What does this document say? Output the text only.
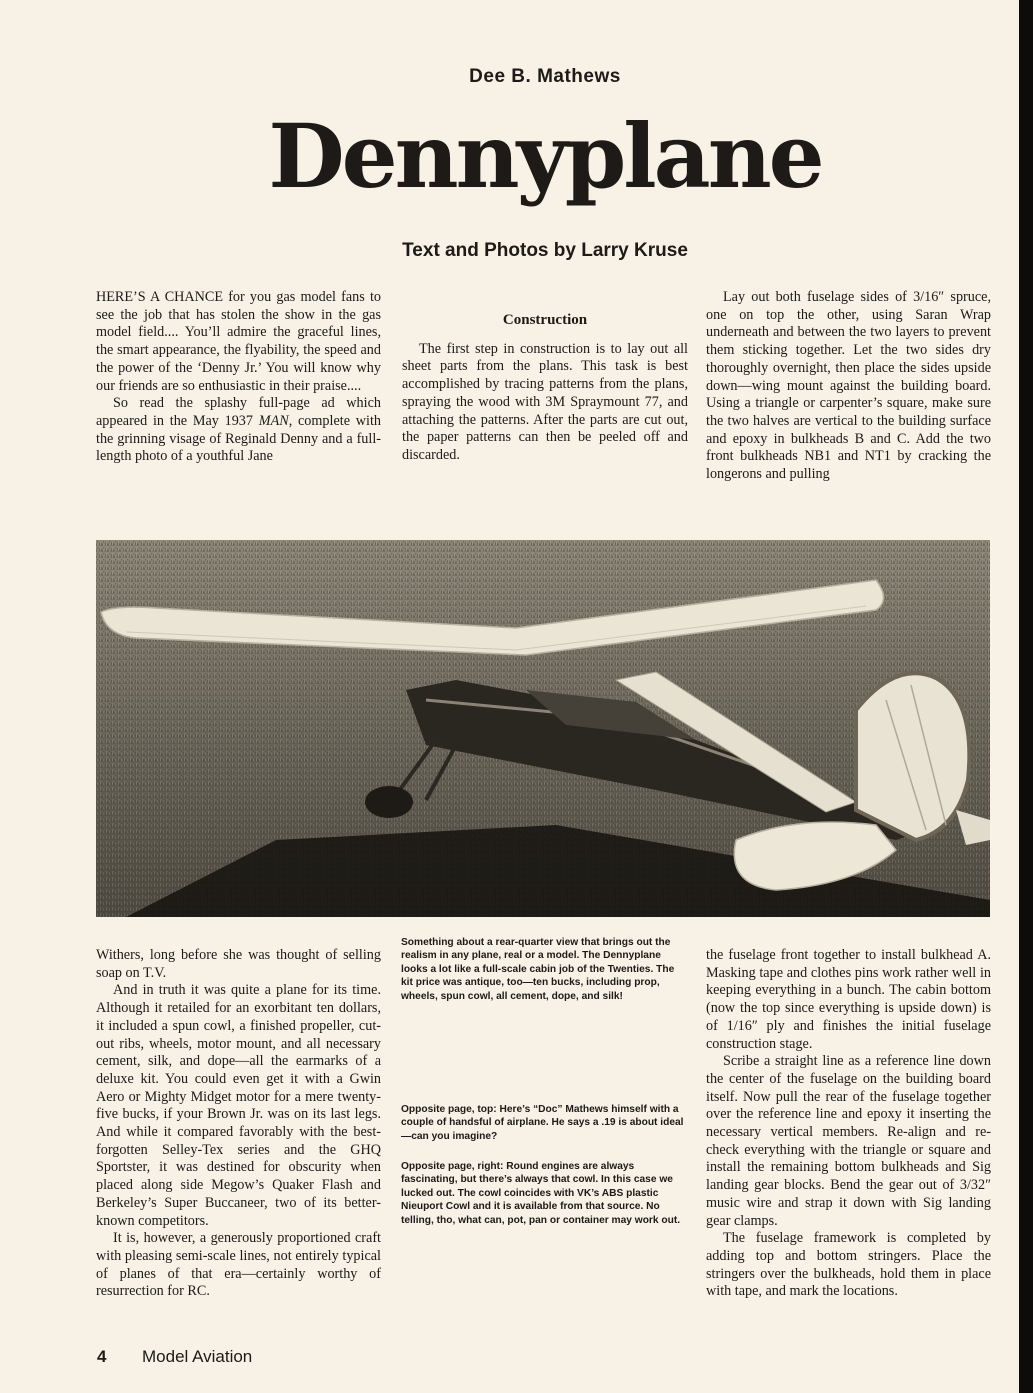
Dee B. Mathews
Dennyplane
Text and Photos by Larry Kruse

HERE’S A CHANCE for you gas model fans to see the job that has stolen the show in the gas model field.... You’ll admire the graceful lines, the smart appearance, the flyability, the speed and the power of the ‘Denny Jr.’ You will know why our friends are so enthusiastic in their praise....

So read the splashy full-page ad which appeared in the May 1937 MAN, complete with the grinning visage of Reginald Denny and a full-length photo of a youthful Jane

Construction

The first step in construction is to lay out all sheet parts from the plans. This task is best accomplished by tracing patterns from the plans, spraying the wood with 3M Spraymount 77, and attaching the patterns. After the parts are cut out, the paper patterns can then be peeled off and discarded.

Lay out both fuselage sides of 3/16″ spruce, one on top the other, using Saran Wrap underneath and between the two layers to prevent them sticking together. Let the two sides dry thoroughly overnight, then place the sides upside down—wing mount against the building board. Using a triangle or carpenter’s square, make sure the two halves are vertical to the building surface and epoxy in bulkheads B and C. Add the two front bulkheads NB1 and NT1 by cracking the longerons and pulling

Withers, long before she was thought of selling soap on T.V.

And in truth it was quite a plane for its time. Although it retailed for an exorbitant ten dollars, it included a spun cowl, a finished propeller, cut-out ribs, wheels, motor mount, and all necessary cement, silk, and dope—all the earmarks of a deluxe kit. You could even get it with a Gwin Aero or Mighty Midget motor for a mere twenty-five bucks, if your Brown Jr. was on its last legs. And while it compared favorably with the best-forgotten Selley-Tex series and the GHQ Sportster, it was destined for obscurity when placed along side Megow’s Quaker Flash and Berkeley’s Super Buccaneer, two of its better-known competitors.

It is, however, a generously proportioned craft with pleasing semi-scale lines, not entirely typical of planes of that era—certainly worthy of resurrection for RC.

Something about a rear-quarter view that brings out the realism in any plane, real or a model. The Dennyplane looks a lot like a full-scale cabin job of the Twenties. The kit price was antique, too—ten bucks, including prop, wheels, spun cowl, all cement, dope, and silk!
Opposite page, top: Here’s “Doc” Mathews himself with a couple of handsful of airplane. He says a .19 is about ideal—can you imagine?
Opposite page, right: Round engines are always fascinating, but there’s always that cowl. In this case we lucked out. The cowl coincides with VK’s ABS plastic Nieuport Cowl and it is available from that source. No telling, tho, what can, pot, pan or container may work out.

the fuselage front together to install bulkhead A. Masking tape and clothes pins work rather well in keeping everything in a bunch. The cabin bottom (now the top since everything is upside down) is of 1/16″ ply and finishes the initial fuselage construction stage.

Scribe a straight line as a reference line down the center of the fuselage on the building board itself. Now pull the rear of the fuselage together over the reference line and epoxy it inserting the necessary vertical members. Re-align and re-check everything with the triangle or square and install the remaining bottom bulkheads and Sig landing gear blocks. Bend the gear out of 3/32″ music wire and strap it down with Sig landing gear clamps.

The fuselage framework is completed by adding top and bottom stringers. Place the stringers over the bulkheads, hold them in place with tape, and mark the locations.

4 Model Aviation
